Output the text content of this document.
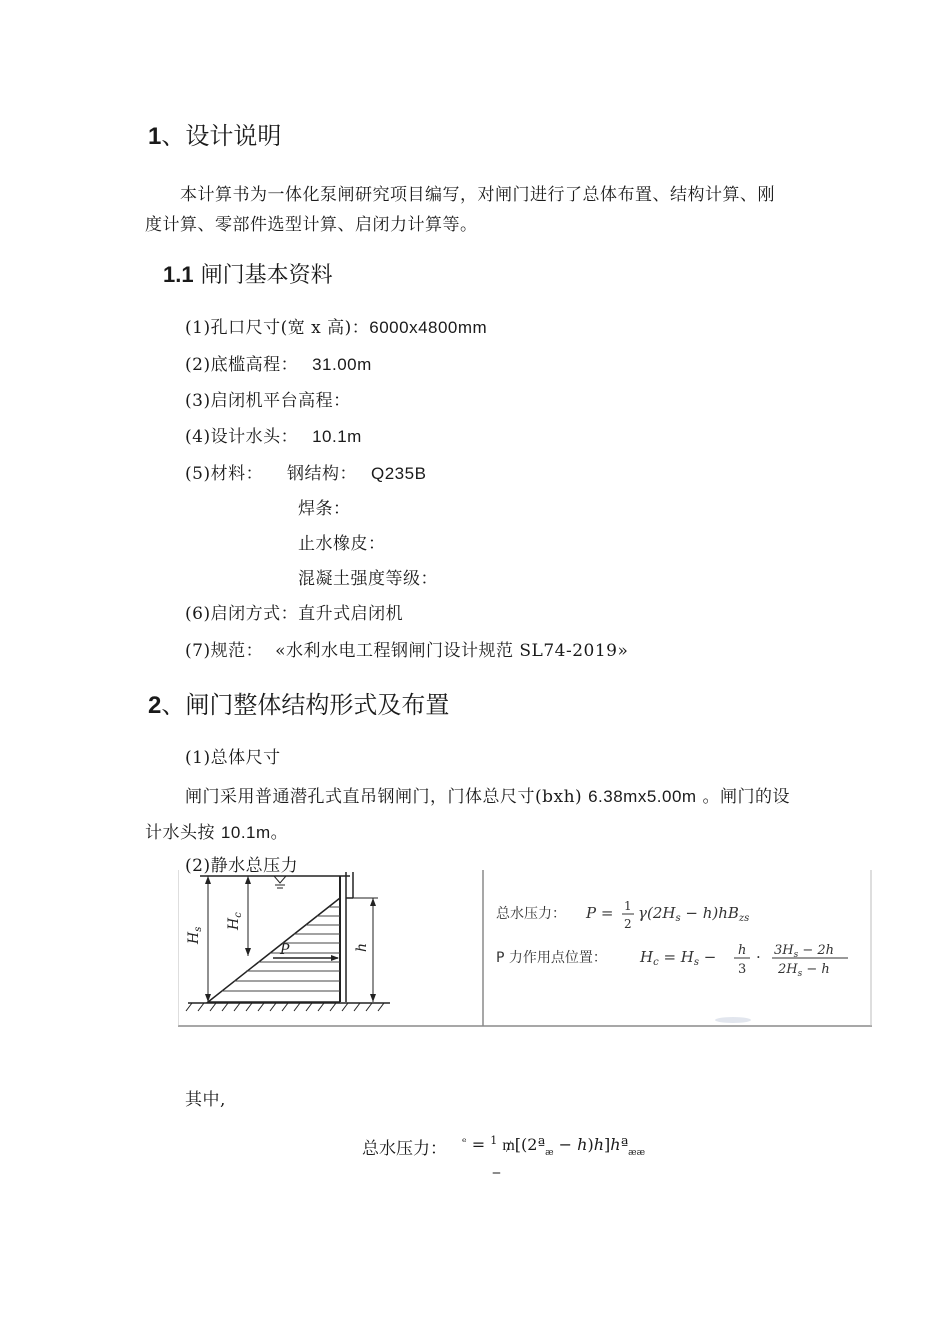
1、设计说明
本计算书为一体化泵闸研究项目编写，对闸门进行了总体布置、结构计算、刚
度计算、零部件选型计算、启闭力计算等。
1.1 闸门基本资料
(1)孔口尺寸(宽 x 高)：6000x4800mm
(2)底槛高程： 31.00m
(3)启闭机平台高程：
(4)设计水头： 10.1m
(5)材料： 钢结构： Q235B
焊条：
止水橡皮：
混凝土强度等级：
(6)启闭方式：直升式启闭机
(7)规范： «水利水电工程钢闸门设计规范 SL74-2019»
2、闸门整体结构形式及布置
(1)总体尺寸
闸门采用普通潜孔式直吊钢闸门，门体总尺寸(bxh) 6.38mx5.00m 。闸门的设
计水头按 10.1m。
(2)静水总压力
$H_s$ $H_c$
P	h
总水压力： P = 1
2
$\gamma(2H_s - h)hB_{zs}$
P 力作用点位置： $H_c = H_s - h$
3
· $3H_s - 2h$
$2H_s - h$
其中,
总水压力： $^ᵉ$ = $^1$ ₥[(2ª$_æ$ − h)h]hª$_{ææ}$
‒
